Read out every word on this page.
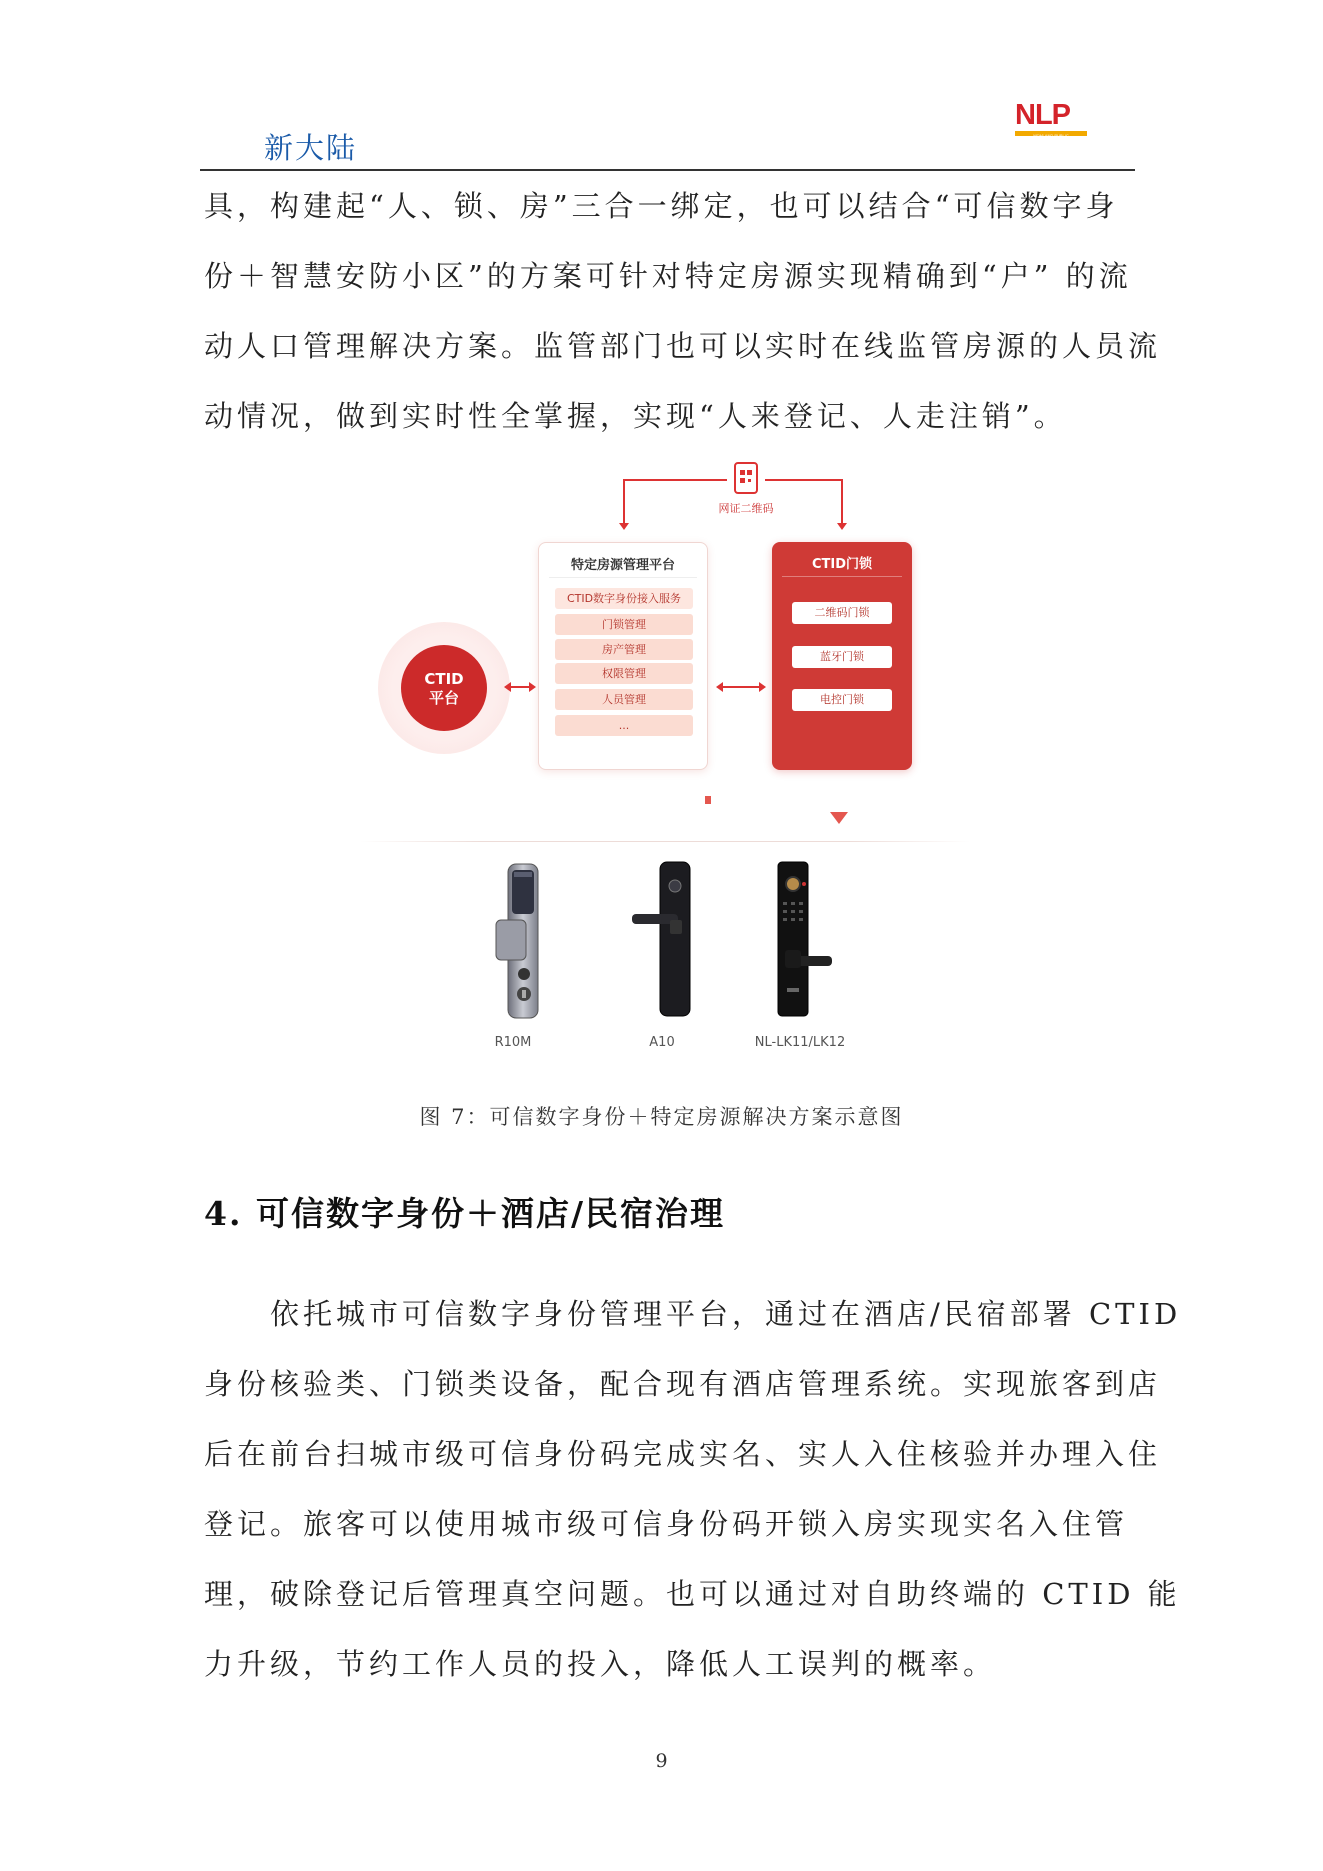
新大陆
NLP
NEWLAND PUBLIC
具，构建起“人、锁、房”三合一绑定，也可以结合“可信数字身
份＋智慧安防小区”的方案可针对特定房源实现精确到“户” 的流
动人口管理解决方案。监管部门也可以实时在线监管房源的人员流
动情况，做到实时性全掌握，实现“人来登记、人走注销”。
网证二维码
CTID
平台
特定房源管理平台
CTID数字身份接入服务
门锁管理
房产管理
权限管理
人员管理
...
CTID门锁
二维码门锁
蓝牙门锁
电控门锁
R10M	A10	NL-LK11/LK12
图 7：可信数字身份＋特定房源解决方案示意图
4. 可信数字身份＋酒店/民宿治理
　　依托城市可信数字身份管理平台，通过在酒店/民宿部署 CTID
身份核验类、门锁类设备，配合现有酒店管理系统。实现旅客到店
后在前台扫城市级可信身份码完成实名、实人入住核验并办理入住
登记。旅客可以使用城市级可信身份码开锁入房实现实名入住管
理，破除登记后管理真空问题。也可以通过对自助终端的 CTID 能
力升级，节约工作人员的投入，降低人工误判的概率。
9
